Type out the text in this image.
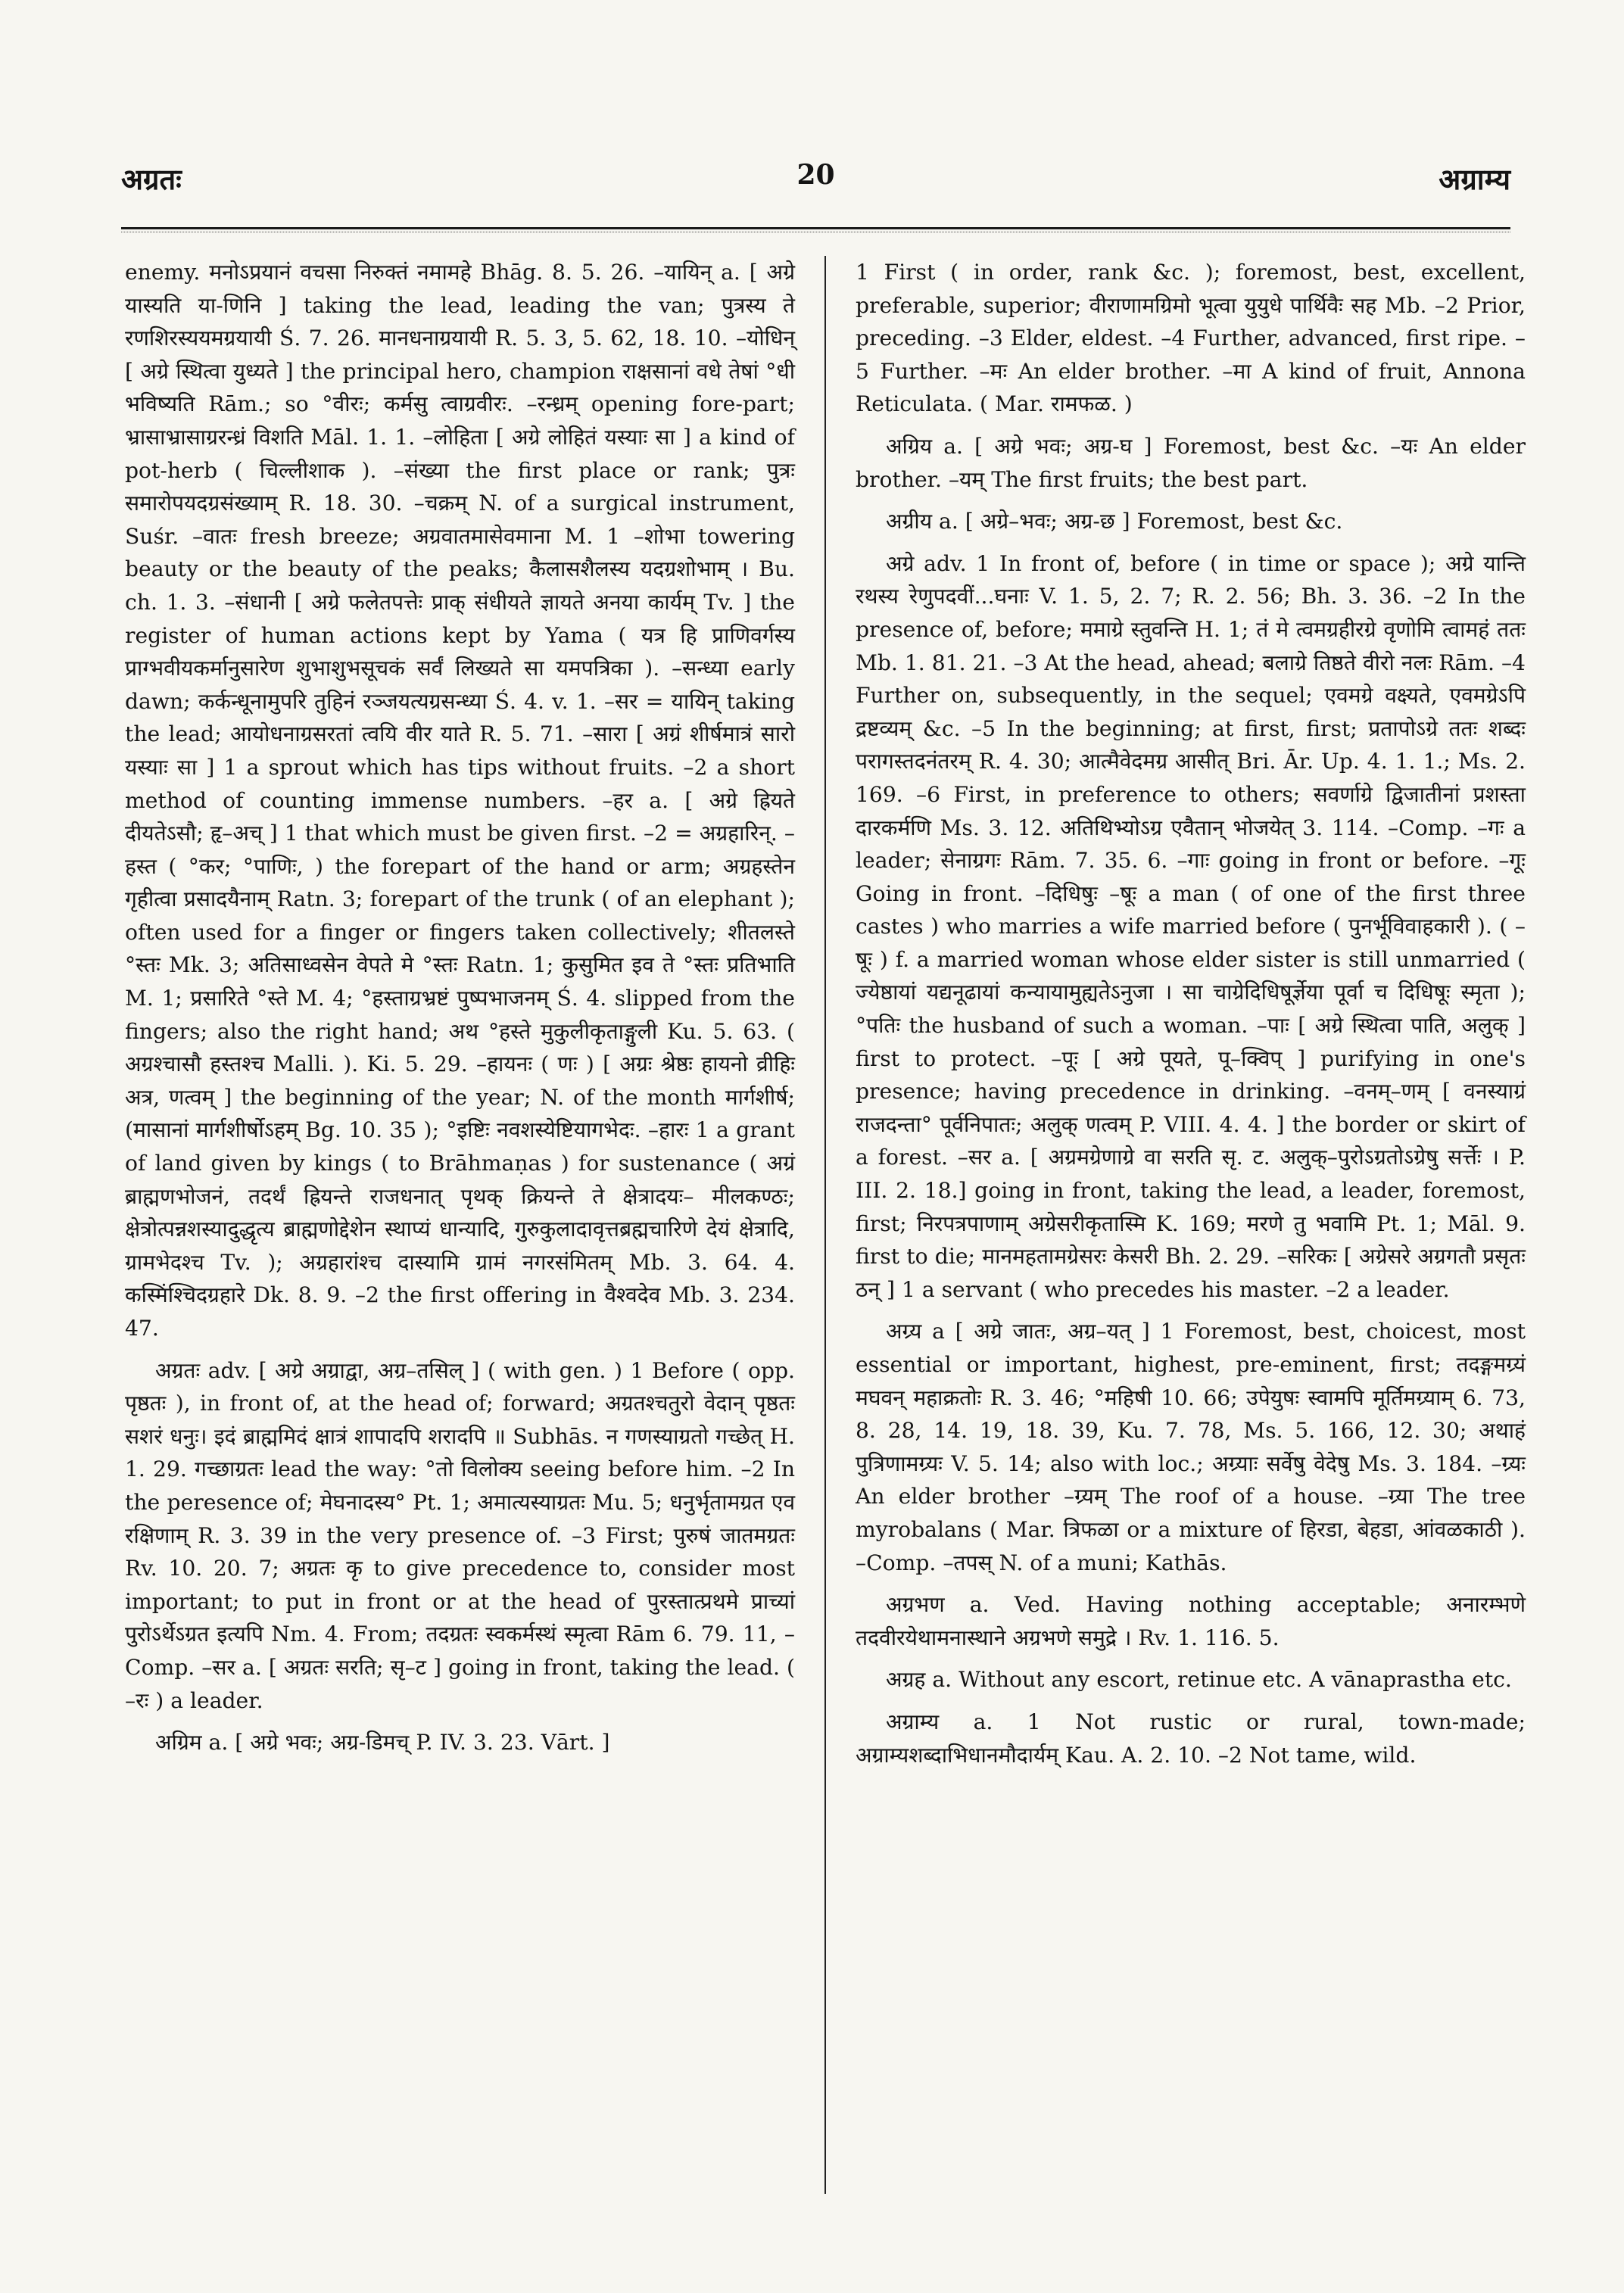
अग्रतः	20	अग्राम्य

enemy. मनोऽप्रयानं वचसा निरुक्तं नमामहे Bhāg. 8. 5. 26. –यायिन् a. [ अग्रे यास्यति या-णिनि ] taking the lead, leading the van; पुत्रस्य ते रणशिरस्ययमग्रयायी Ś. 7. 26. मानधनाग्रयायी R. 5. 3, 5. 62, 18. 10. –योधिन् [ अग्रे स्थित्वा युध्यते ] the principal hero, champion राक्षसानां वधे तेषां °धी भविष्यति Rām.; so °वीरः; कर्मसु त्वाग्रवीरः. –रन्ध्रम् opening fore-part; भ्रासाभ्रासाग्ररन्ध्रं विशति Māl. 1. 1. –लोहिता [ अग्रे लोहितं यस्याः सा ] a kind of pot-herb ( चिल्लीशाक ). –संख्या the first place or rank; पुत्रः समारोपयदग्रसंख्याम् R. 18. 30. –चक्रम् N. of a surgical instrument, Suśr. –वातः fresh breeze; अग्रवातमासेवमाना M. 1 –शोभा towering beauty or the beauty of the peaks; कैलासशैलस्य यदग्रशोभाम् । Bu. ch. 1. 3. –संधानी [ अग्रे फलेतपत्तेः प्राक् संधीयते ज्ञायते अनया कार्यम् Tv. ] the register of human actions kept by Yama ( यत्र हि प्राणिवर्गस्य प्राग्भवीयकर्मानुसारेण शुभाशुभसूचकं सर्वं लिख्यते सा यमपत्रिका ). –सन्ध्या early dawn; कर्कन्धूनामुपरि तुहिनं रञ्जयत्यग्रसन्ध्या Ś. 4. v. 1. –सर = यायिन् taking the lead; आयोधनाग्रसरतां त्वयि वीर याते R. 5. 71. –सारा [ अग्रं शीर्षमात्रं सारो यस्याः सा ] 1 a sprout which has tips without fruits. –2 a short method of counting immense numbers. –हर a. [ अग्रे ह्रियते दीयतेऽसौ; हृ–अच् ] 1 that which must be given first. –2 = अग्रहारिन्. –हस्त ( °कर; °पाणिः, ) the forepart of the hand or arm; अग्रहस्तेन गृहीत्वा प्रसादयैनाम् Ratn. 3; forepart of the trunk ( of an elephant ); often used for a finger or fingers taken collectively; शीतलस्ते °स्तः Mk. 3; अतिसाध्वसेन वेपते मे °स्तः Ratn. 1; कुसुमित इव ते °स्तः प्रतिभाति M. 1; प्रसारिते °स्ते M. 4; °हस्ताग्रभ्रष्टं पुष्पभाजनम् Ś. 4. slipped from the fingers; also the right hand; अथ °हस्ते मुकुलीकृताङ्गुली Ku. 5. 63. ( अग्रश्चासौ हस्तश्च Malli. ). Ki. 5. 29. –हायनः ( णः ) [ अग्रः श्रेष्ठः हायनो व्रीहिः अत्र, णत्वम् ] the beginning of the year; N. of the month मार्गशीर्ष; (मासानां मार्गशीर्षोऽहम् Bg. 10. 35 ); °इष्टिः नवशस्येष्टियागभेदः. –हारः 1 a grant of land given by kings ( to Brāhmaṇas ) for sustenance ( अग्रं ब्राह्मणभोजनं, तदर्थं ह्रियन्ते राजधनात् पृथक् क्रियन्ते ते क्षेत्रादयः– मीलकण्ठः; क्षेत्रोत्पन्नशस्यादुद्धृत्य ब्राह्मणोद्देशेन स्थाप्यं धान्यादि, गुरुकुलादावृत्तब्रह्मचारिणे देयं क्षेत्रादि, ग्रामभेदश्च Tv. ); अग्रहारांश्च दास्यामि ग्रामं नगरसंमितम् Mb. 3. 64. 4. कस्मिंश्चिदग्रहारे Dk. 8. 9. –2 the first offering in वैश्वदेव Mb. 3. 234. 47.

अग्रतः adv. [ अग्रे अग्राद्वा, अग्र–तसिल् ] ( with gen. ) 1 Before ( opp. पृष्ठतः ), in front of, at the head of; forward; अग्रतश्चतुरो वेदान् पृष्ठतः सशरं धनुः। इदं ब्राह्ममिदं क्षात्रं शापादपि शरादपि ॥ Subhās. न गणस्याग्रतो गच्छेत् H. 1. 29. गच्छाग्रतः lead the way: °तो विलोक्य seeing before him. –2 In the peresence of; मेघनादस्य° Pt. 1; अमात्यस्याग्रतः Mu. 5; धनुर्भृतामग्रत एव रक्षिणाम् R. 3. 39 in the very presence of. –3 First; पुरुषं जातमग्रतः Rv. 10. 20. 7; अग्रतः कृ to give precedence to, consider most important; to put in front or at the head of पुरस्तात्प्रथमे प्राच्यां पुरोऽर्थेऽग्रत इत्यपि Nm. 4. From; तदग्रतः स्वकर्मस्थं स्मृत्वा Rām 6. 79. 11, –Comp. –सर a. [ अग्रतः सरति; सृ–ट ] going in front, taking the lead. ( –रः ) a leader.

अग्रिम a. [ अग्रे भवः; अग्र-डिमच् P. IV. 3. 23. Vārt. ]

1 First ( in order, rank &c. ); foremost, best, excellent, preferable, superior; वीराणामग्रिमो भूत्वा युयुधे पार्थिवैः सह Mb. –2 Prior, preceding. –3 Elder, eldest. –4 Further, advanced, first ripe. –5 Further. –मः An elder brother. –मा A kind of fruit, Annona Reticulata. ( Mar. रामफळ. )

अग्रिय a. [ अग्रे भवः; अग्र-घ ] Foremost, best &c. –यः An elder brother. –यम् The first fruits; the best part.

अग्रीय a. [ अग्रे–भवः; अग्र-छ ] Foremost, best &c.

अग्रे adv. 1 In front of, before ( in time or space ); अग्रे यान्ति रथस्य रेणुपदवीं...घनाः V. 1. 5, 2. 7; R. 2. 56; Bh. 3. 36. –2 In the presence of, before; ममाग्रे स्तुवन्ति H. 1; तं मे त्वमग्रहीरग्रे वृणोमि त्वामहं ततः Mb. 1. 81. 21. –3 At the head, ahead; बलाग्रे तिष्ठते वीरो नलः Rām. –4 Further on, subsequently, in the sequel; एवमग्रे वक्ष्यते, एवमग्रेऽपि द्रष्टव्यम् &c. –5 In the beginning; at first, first; प्रतापोऽग्रे ततः शब्दः परागस्तदनंतरम् R. 4. 30; आत्मैवेदमग्र आसीत् Bri. Ār. Up. 4. 1. 1.; Ms. 2. 169. –6 First, in preference to others; सवर्णाग्रे द्विजातीनां प्रशस्ता दारकर्मणि Ms. 3. 12. अतिथिभ्योऽग्र एवैतान् भोजयेत् 3. 114. –Comp. –गः a leader; सेनाग्रगः Rām. 7. 35. 6. –गाः going in front or before. –गूः Going in front. –दिधिषुः –षूः a man ( of one of the first three castes ) who marries a wife married before ( पुनर्भूविवाहकारी ). ( –षूः ) f. a married woman whose elder sister is still unmarried ( ज्येष्ठायां यद्यनूढायां कन्यायामुह्यतेऽनुजा । सा चाग्रेदिधिषूर्ज्ञेया पूर्वा च दिधिषूः स्मृता ); °पतिः the husband of such a woman. –पाः [ अग्रे स्थित्वा पाति, अलुक् ] first to protect. –पूः [ अग्रे पूयते, पू–क्विप् ] purifying in one's presence; having precedence in drinking. –वनम्–णम् [ वनस्याग्रं राजदन्ता° पूर्वनिपातः; अलुक् णत्वम् P. VIII. 4. 4. ] the border or skirt of a forest. –सर a. [ अग्रमग्रेणाग्रे वा सरति सृ. ट. अलुक्–पुरोऽग्रतोऽग्रेषु सर्त्तेः । P. III. 2. 18.] going in front, taking the lead, a leader, foremost, first; निरपत्रपाणाम् अग्रेसरीकृतास्मि K. 169; मरणे तु भवामि Pt. 1; Māl. 9. first to die; मानमहतामग्रेसरः केसरी Bh. 2. 29. –सरिकः [ अग्रेसरे अग्रगतौ प्रसृतः ठन् ] 1 a servant ( who precedes his master. –2 a leader.

अग्र्य a [ अग्रे जातः, अग्र–यत् ] 1 Foremost, best, choicest, most essential or important, highest, pre-eminent, first; तदङ्गमग्र्यं मघवन् महाक्रतोः R. 3. 46; °महिषी 10. 66; उपेयुषः स्वामपि मूर्तिमग्र्याम् 6. 73, 8. 28, 14. 19, 18. 39, Ku. 7. 78, Ms. 5. 166, 12. 30; अथाहं पुत्रिणामग्र्यः V. 5. 14; also with loc.; अग्र्याः सर्वेषु वेदेषु Ms. 3. 184. –ग्र्यः An elder brother –ग्र्यम् The roof of a house. –ग्र्या The tree myrobalans ( Mar. त्रिफळा or a mixture of हिरडा, बेहडा, आंवळकाठी ). –Comp. –तपस् N. of a muni; Kathās.

अग्रभण a. Ved. Having nothing acceptable; अनारम्भणे तदवीरयेथामनास्थाने अग्रभणे समुद्रे । Rv. 1. 116. 5.

अग्रह a. Without any escort, retinue etc. A vānaprastha etc.

अग्राम्य a. 1 Not rustic or rural, town-made; अग्राम्यशब्दाभिधानमौदार्यम् Kau. A. 2. 10. –2 Not tame, wild.
